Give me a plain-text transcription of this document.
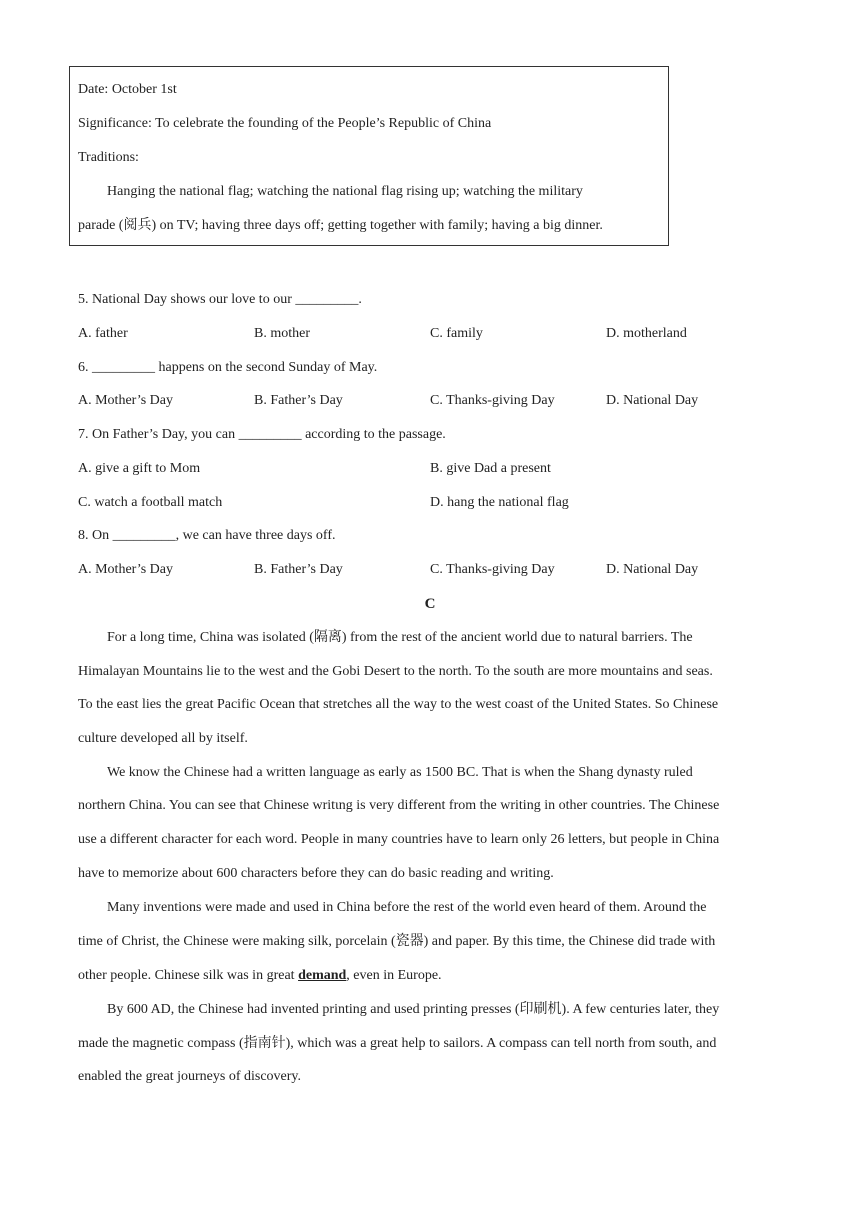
Date: October 1st
Significance: To celebrate the founding of the People’s Republic of China
Traditions:
Hanging the national flag; watching the national flag rising up; watching the military
parade (阅兵) on TV; having three days off; getting together with family; having a big dinner.
5. National Day shows our love to our _________.
A. father	B. mother	C. family	D. motherland
6. _________ happens on the second Sunday of May.
A. Mother’s Day	B. Father’s Day	C. Thanks-giving Day	D. National Day
7. On Father’s Day, you can _________ according to the passage.
A. give a gift to Mom	B. give Dad a present
C. watch a football match	D. hang the national flag
8. On _________, we can have three days off.
A. Mother’s Day	B. Father’s Day	C. Thanks-giving Day	D. National Day
C
For a long time, China was isolated (隔离) from the rest of the ancient world due to natural barriers. The
Himalayan Mountains lie to the west and the Gobi Desert to the north. To the south are more mountains and seas.
To the east lies the great Pacific Ocean that stretches all the way to the west coast of the United States. So Chinese
culture developed all by itself.
We know the Chinese had a written language as early as 1500 BC. That is when the Shang dynasty ruled
northern China. You can see that Chinese writιng is very different from the writing in other countries. The Chinese
use a different character for each word. People in many countries have to learn only 26 letters, but people in China
have to memorize about 600 characters before they can do basic reading and writing.
Many inventions were made and used in China before the rest of the world even heard of them. Around the
time of Christ, the Chinese were making silk, porcelain (瓷器) and paper. By this time, the Chinese did trade with
other people. Chinese silk was in great demand, even in Europe.
By 600 AD, the Chinese had invented printing and used printing presses (印刷机). A few centuries later, they
made the magnetic compass (指南针), which was a great help to sailors. A compass can tell north from south, and
enabled the great journeys of discovery.
